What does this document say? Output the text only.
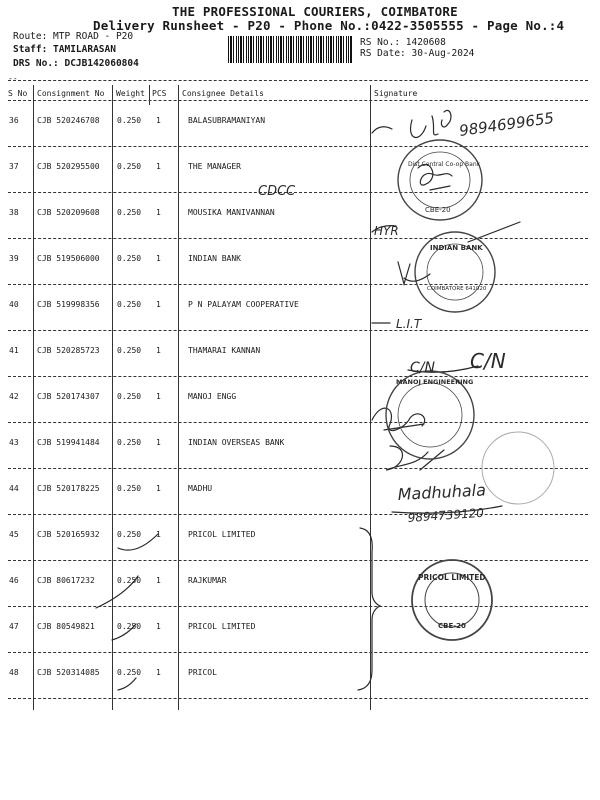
THE PROFESSIONAL COURIERS, COIMBATORE
Delivery Runsheet - P20 - Phone No.:0422-3505555 - Page No.:4
Route: MTP ROAD - P20
Staff: TAMILARASAN
DRS No.: DCJB142060804
RS No.: 1420608
RS Date: 30-Aug-2024
--
S No Consignment No Weight PCS Consignee Details	Signature
36 CJB 520246708 0.250 1	BALASUBRAMANIYAN
37 CJB 520295500 0.250 1	THE MANAGER
38 CJB 520209608 0.250 1	MOUSIKA MANIVANNAN
39 CJB 519506000 0.250 1	INDIAN BANK
40 CJB 519998356 0.250 1	P N PALAYAM COOPERATIVE
41 CJB 520285723 0.250 1	THAMARAI KANNAN
42 CJB 520174307 0.250 1	MANOJ ENGG
43 CJB 519941484 0.250 1	INDIAN OVERSEAS BANK
44 CJB 520178225 0.250 1	MADHU
45 CJB 520165932 0.250 1	PRICOL LIMITED
46 CJB 80617232	0.250 1	RAJKUMAR
47 CJB 80549821	0.250 1	PRICOL LIMITED
48 CJB 520314085 0.250 1	PRICOL
9894699655
CDCC
HYR
L.I.T
C/N C/N
Madhuhala
9894739120
Dist Central Co-op Bank
CBE-20
INDIAN BANK
COIMBATORE 641020
MANOJ ENGINEERING
PRICOL LIMITED
CBE-20
